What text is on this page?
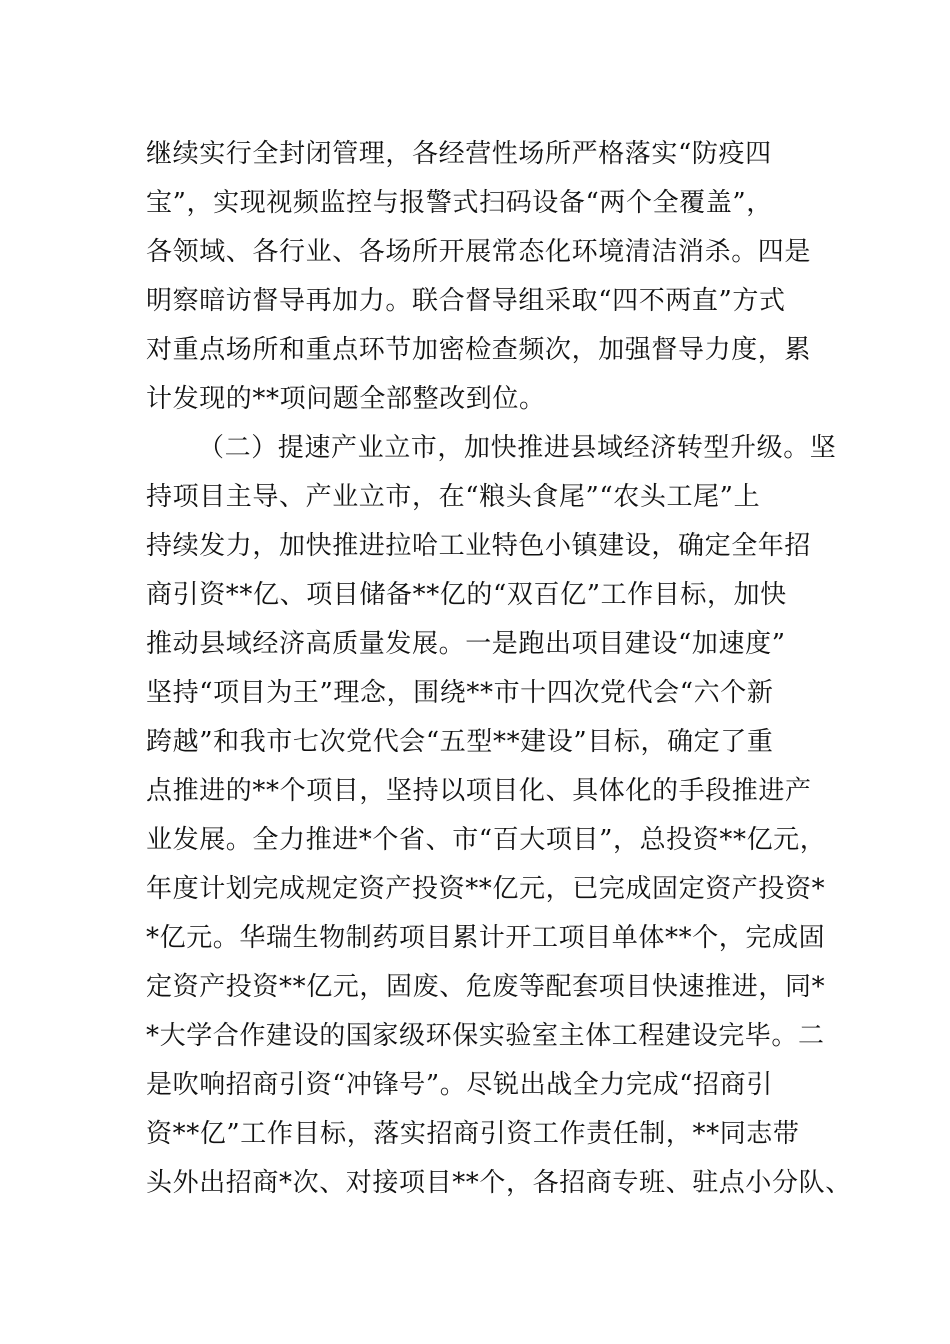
继续实行全封闭管理，各经营性场所严格落实“防疫四
宝”，实现视频监控与报警式扫码设备“两个全覆盖”，
各领域、各行业、各场所开展常态化环境清洁消杀。四是
明察暗访督导再加力。联合督导组采取“四不两直”方式
对重点场所和重点环节加密检查频次，加强督导力度，累
计发现的**项问题全部整改到位。
（二）提速产业立市，加快推进县域经济转型升级。坚
持项目主导、产业立市，在“粮头食尾”“农头工尾”上
持续发力，加快推进拉哈工业特色小镇建设，确定全年招
商引资**亿、项目储备**亿的“双百亿”工作目标，加快
推动县域经济高质量发展。一是跑出项目建设“加速度”
坚持“项目为王”理念，围绕**市十四次党代会“六个新
跨越”和我市七次党代会“五型**建设”目标，确定了重
点推进的**个项目，坚持以项目化、具体化的手段推进产
业发展。全力推进*个省、市“百大项目”，总投资**亿元，
年度计划完成规定资产投资**亿元，已完成固定资产投资*
*亿元。华瑞生物制药项目累计开工项目单体**个，完成固
定资产投资**亿元，固废、危废等配套项目快速推进，同*
*大学合作建设的国家级环保实验室主体工程建设完毕。二
是吹响招商引资“冲锋号”。尽锐出战全力完成“招商引
资**亿”工作目标，落实招商引资工作责任制，**同志带
头外出招商*次、对接项目**个，各招商专班、驻点小分队、
